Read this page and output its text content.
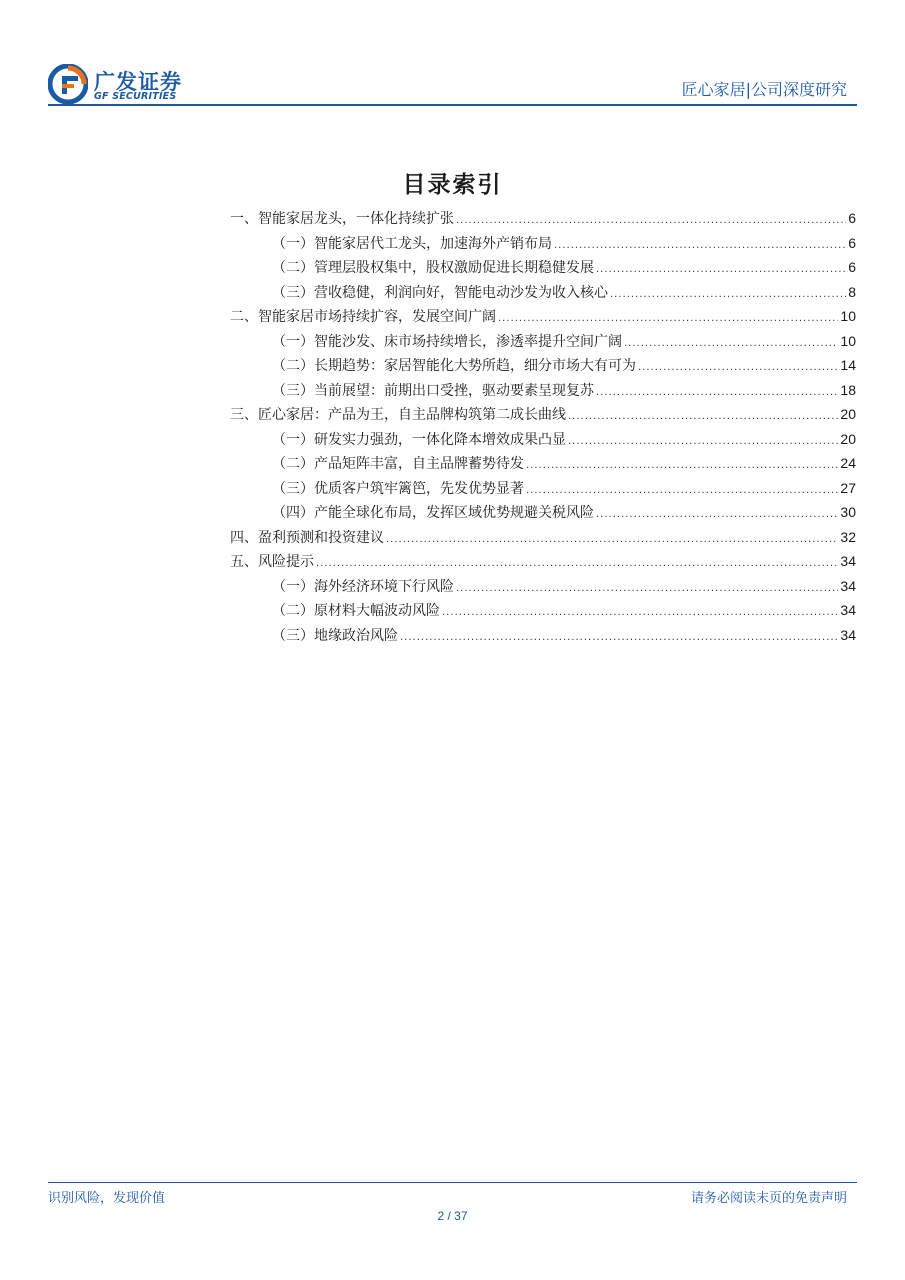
广发证券
GF SECURITIES	匠心家居|公司深度研究
目录索引
一、智能家居龙头，一体化持续扩张 .....	6
（一）智能家居代工龙头，加速海外产销布局 .....	6
（二）管理层股权集中，股权激励促进长期稳健发展 .....	6
（三）营收稳健，利润向好，智能电动沙发为收入核心 .....	8
二、智能家居市场持续扩容，发展空间广阔 .....	10
（一）智能沙发、床市场持续增长，渗透率提升空间广阔 .....	10
（二）长期趋势：家居智能化大势所趋，细分市场大有可为 .....	14
（三）当前展望：前期出口受挫，驱动要素呈现复苏 .....	18
三、匠心家居：产品为王，自主品牌构筑第二成长曲线 .....	20
（一）研发实力强劲，一体化降本增效成果凸显 .....	20
（二）产品矩阵丰富，自主品牌蓄势待发 .....	24
（三）优质客户筑牢篱笆，先发优势显著 .....	27
（四）产能全球化布局，发挥区域优势规避关税风险 .....	30
四、盈利预测和投资建议 .....	32
五、风险提示 .....	34
（一）海外经济环境下行风险 .....	34
（二）原材料大幅波动风险 .....	34
（三）地缘政治风险 .....	34
识别风险，发现价值	请务必阅读末页的免责声明
2 / 37
